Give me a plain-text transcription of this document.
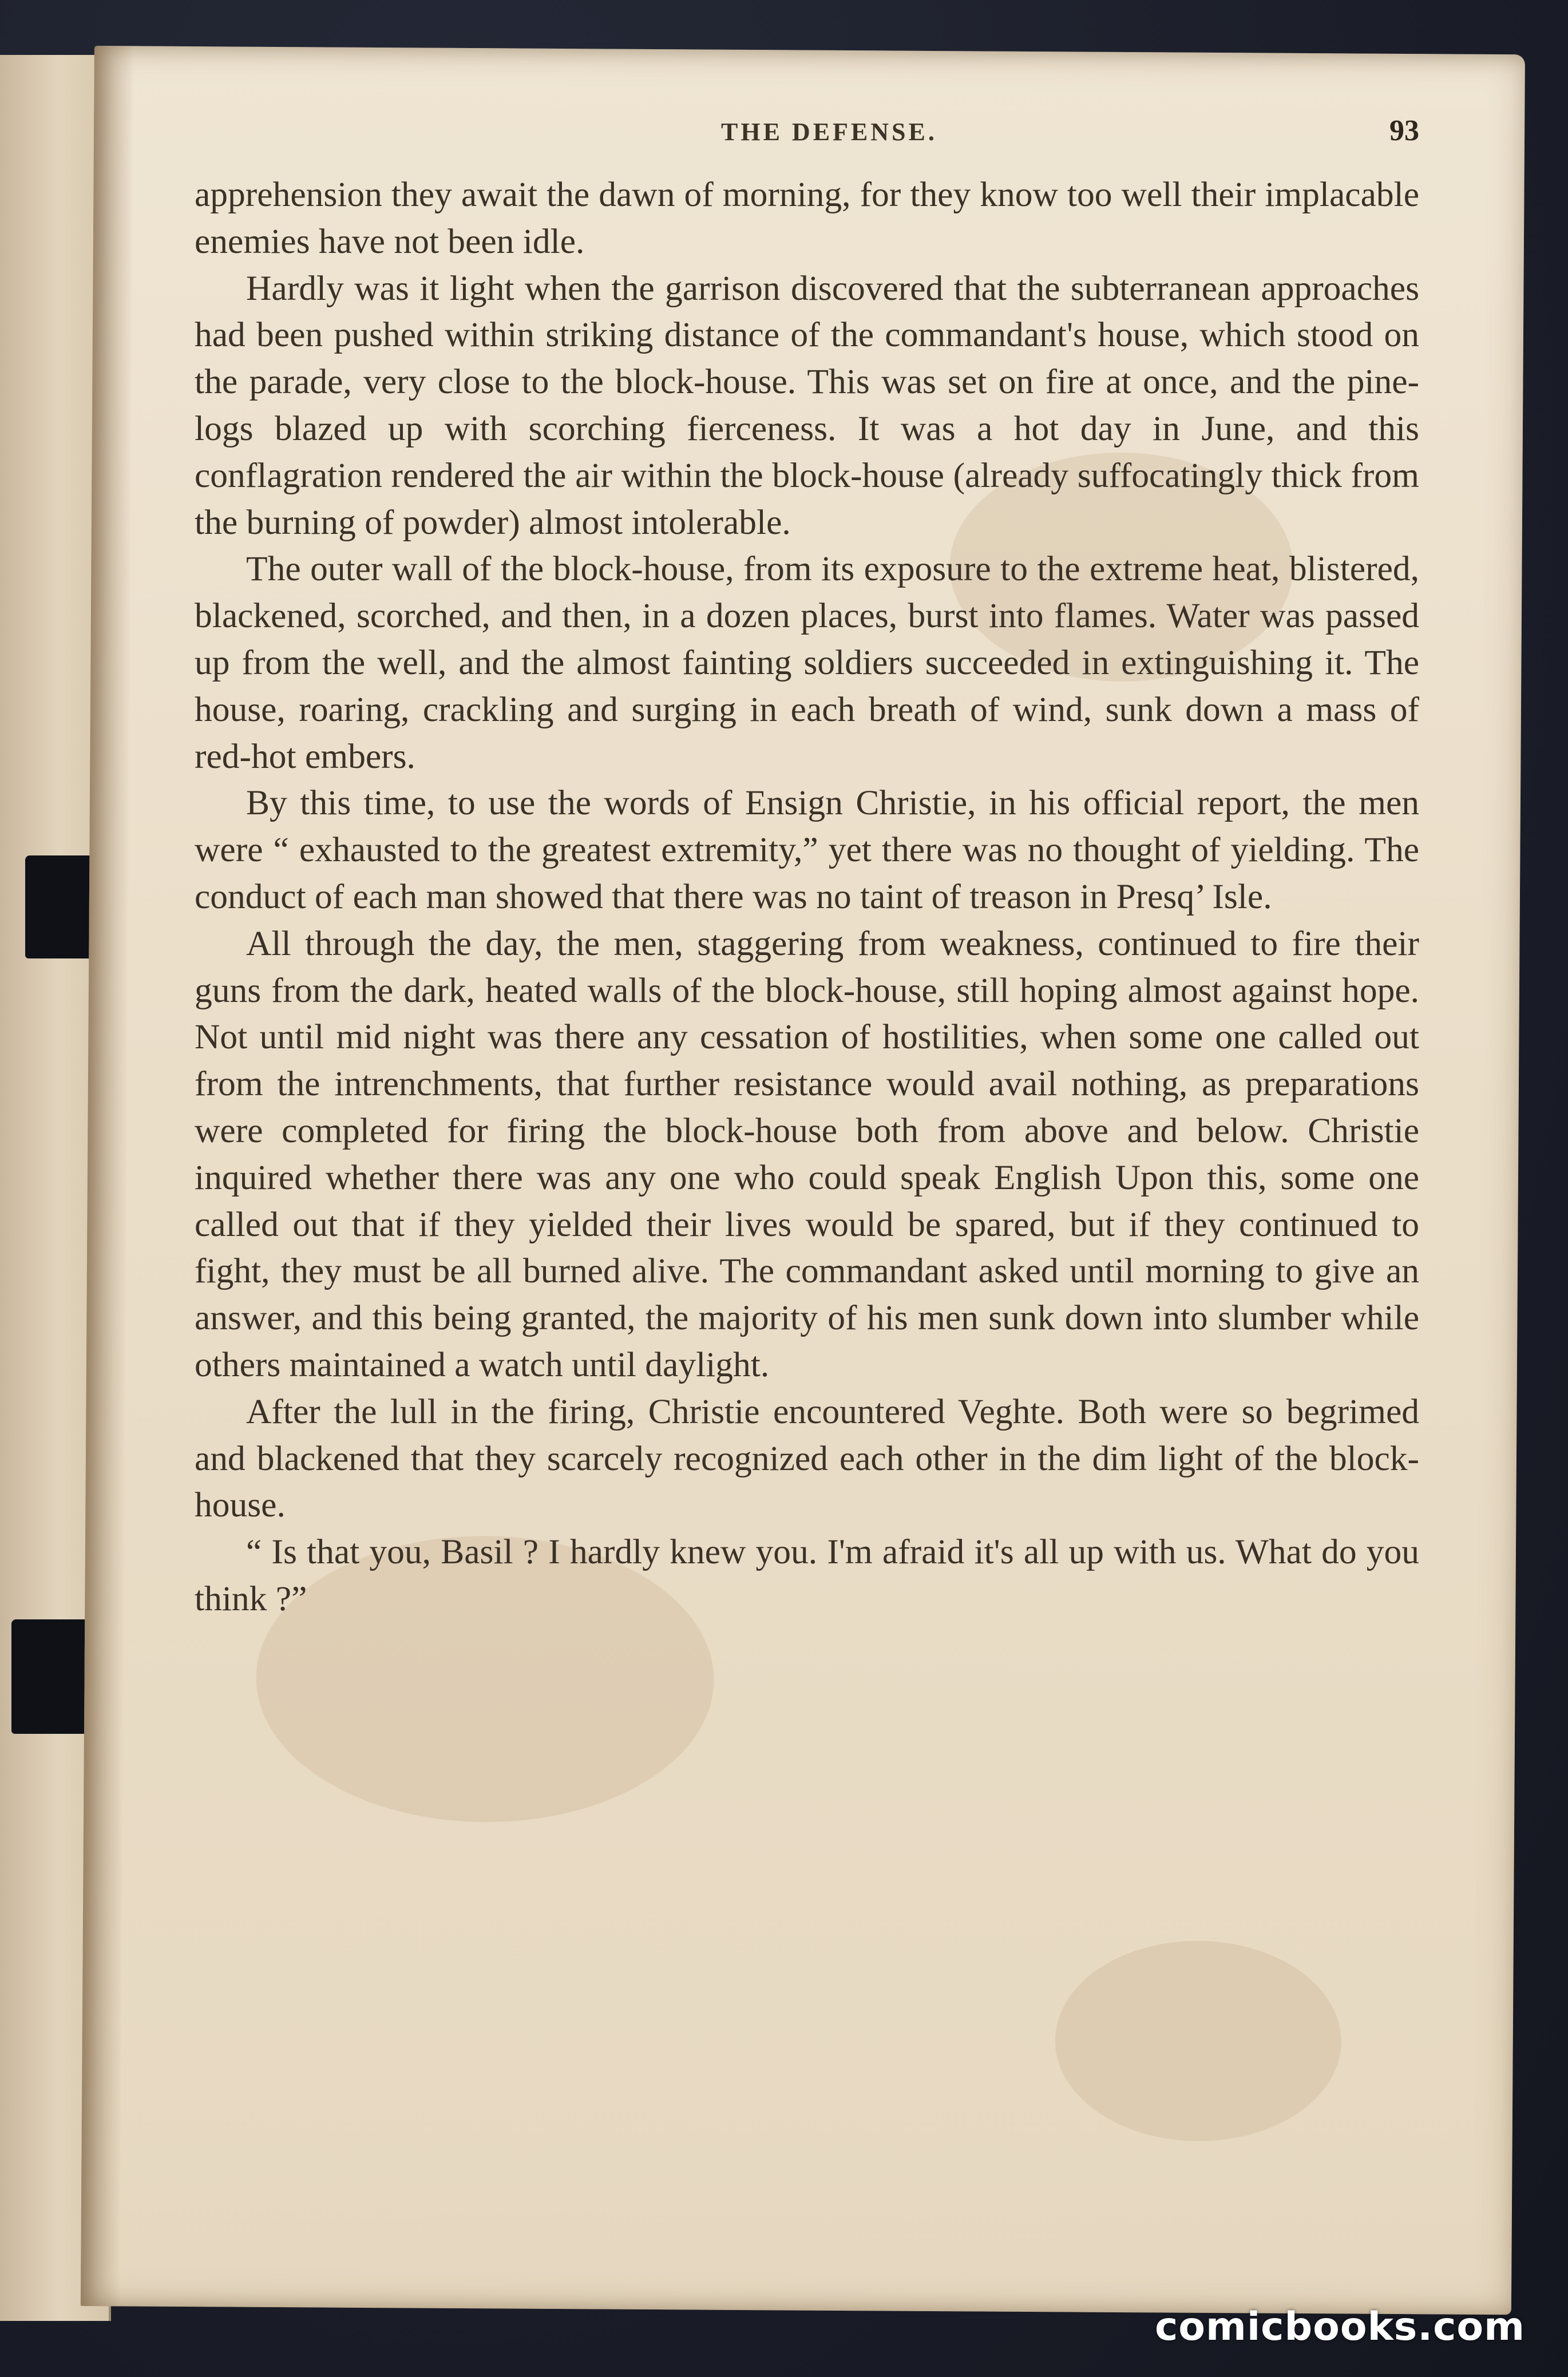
THE DEFENSE.	93

apprehension they await the dawn of morning, for they know too well their implacable enemies have not been idle.

Hardly was it light when the garrison discovered that the subterranean approaches had been pushed within striking distance of the commandant's house, which stood on the parade, very close to the block-house. This was set on fire at once, and the pine-logs blazed up with scorching fierceness. It was a hot day in June, and this conflagration rendered the air within the block-house (already suffocatingly thick from the burning of powder) almost intolerable.

The outer wall of the block-house, from its exposure to the extreme heat, blistered, blackened, scorched, and then, in a dozen places, burst into flames. Water was passed up from the well, and the almost fainting soldiers succeeded in extinguishing it. The house, roaring, crackling and surging in each breath of wind, sunk down a mass of red-hot embers.

By this time, to use the words of Ensign Christie, in his official report, the men were “ exhausted to the greatest extremity,” yet there was no thought of yielding. The conduct of each man showed that there was no taint of treason in Presq’ Isle.

All through the day, the men, staggering from weakness, continued to fire their guns from the dark, heated walls of the block-house, still hoping almost against hope. Not until mid night was there any cessation of hostilities, when some one called out from the intrenchments, that further resistance would avail nothing, as preparations were completed for firing the block-house both from above and below. Christie inquired whether there was any one who could speak English Upon this, some one called out that if they yielded their lives would be spared, but if they continued to fight, they must be all burned alive. The commandant asked until morning to give an answer, and this being granted, the majority of his men sunk down into slumber while others maintained a watch until daylight.

After the lull in the firing, Christie encountered Veghte. Both were so begrimed and blackened that they scarcely recognized each other in the dim light of the block-house.

“ Is that you, Basil ? I hardly knew you. I'm afraid it's all up with us. What do you think ?”

comicbooks.com
